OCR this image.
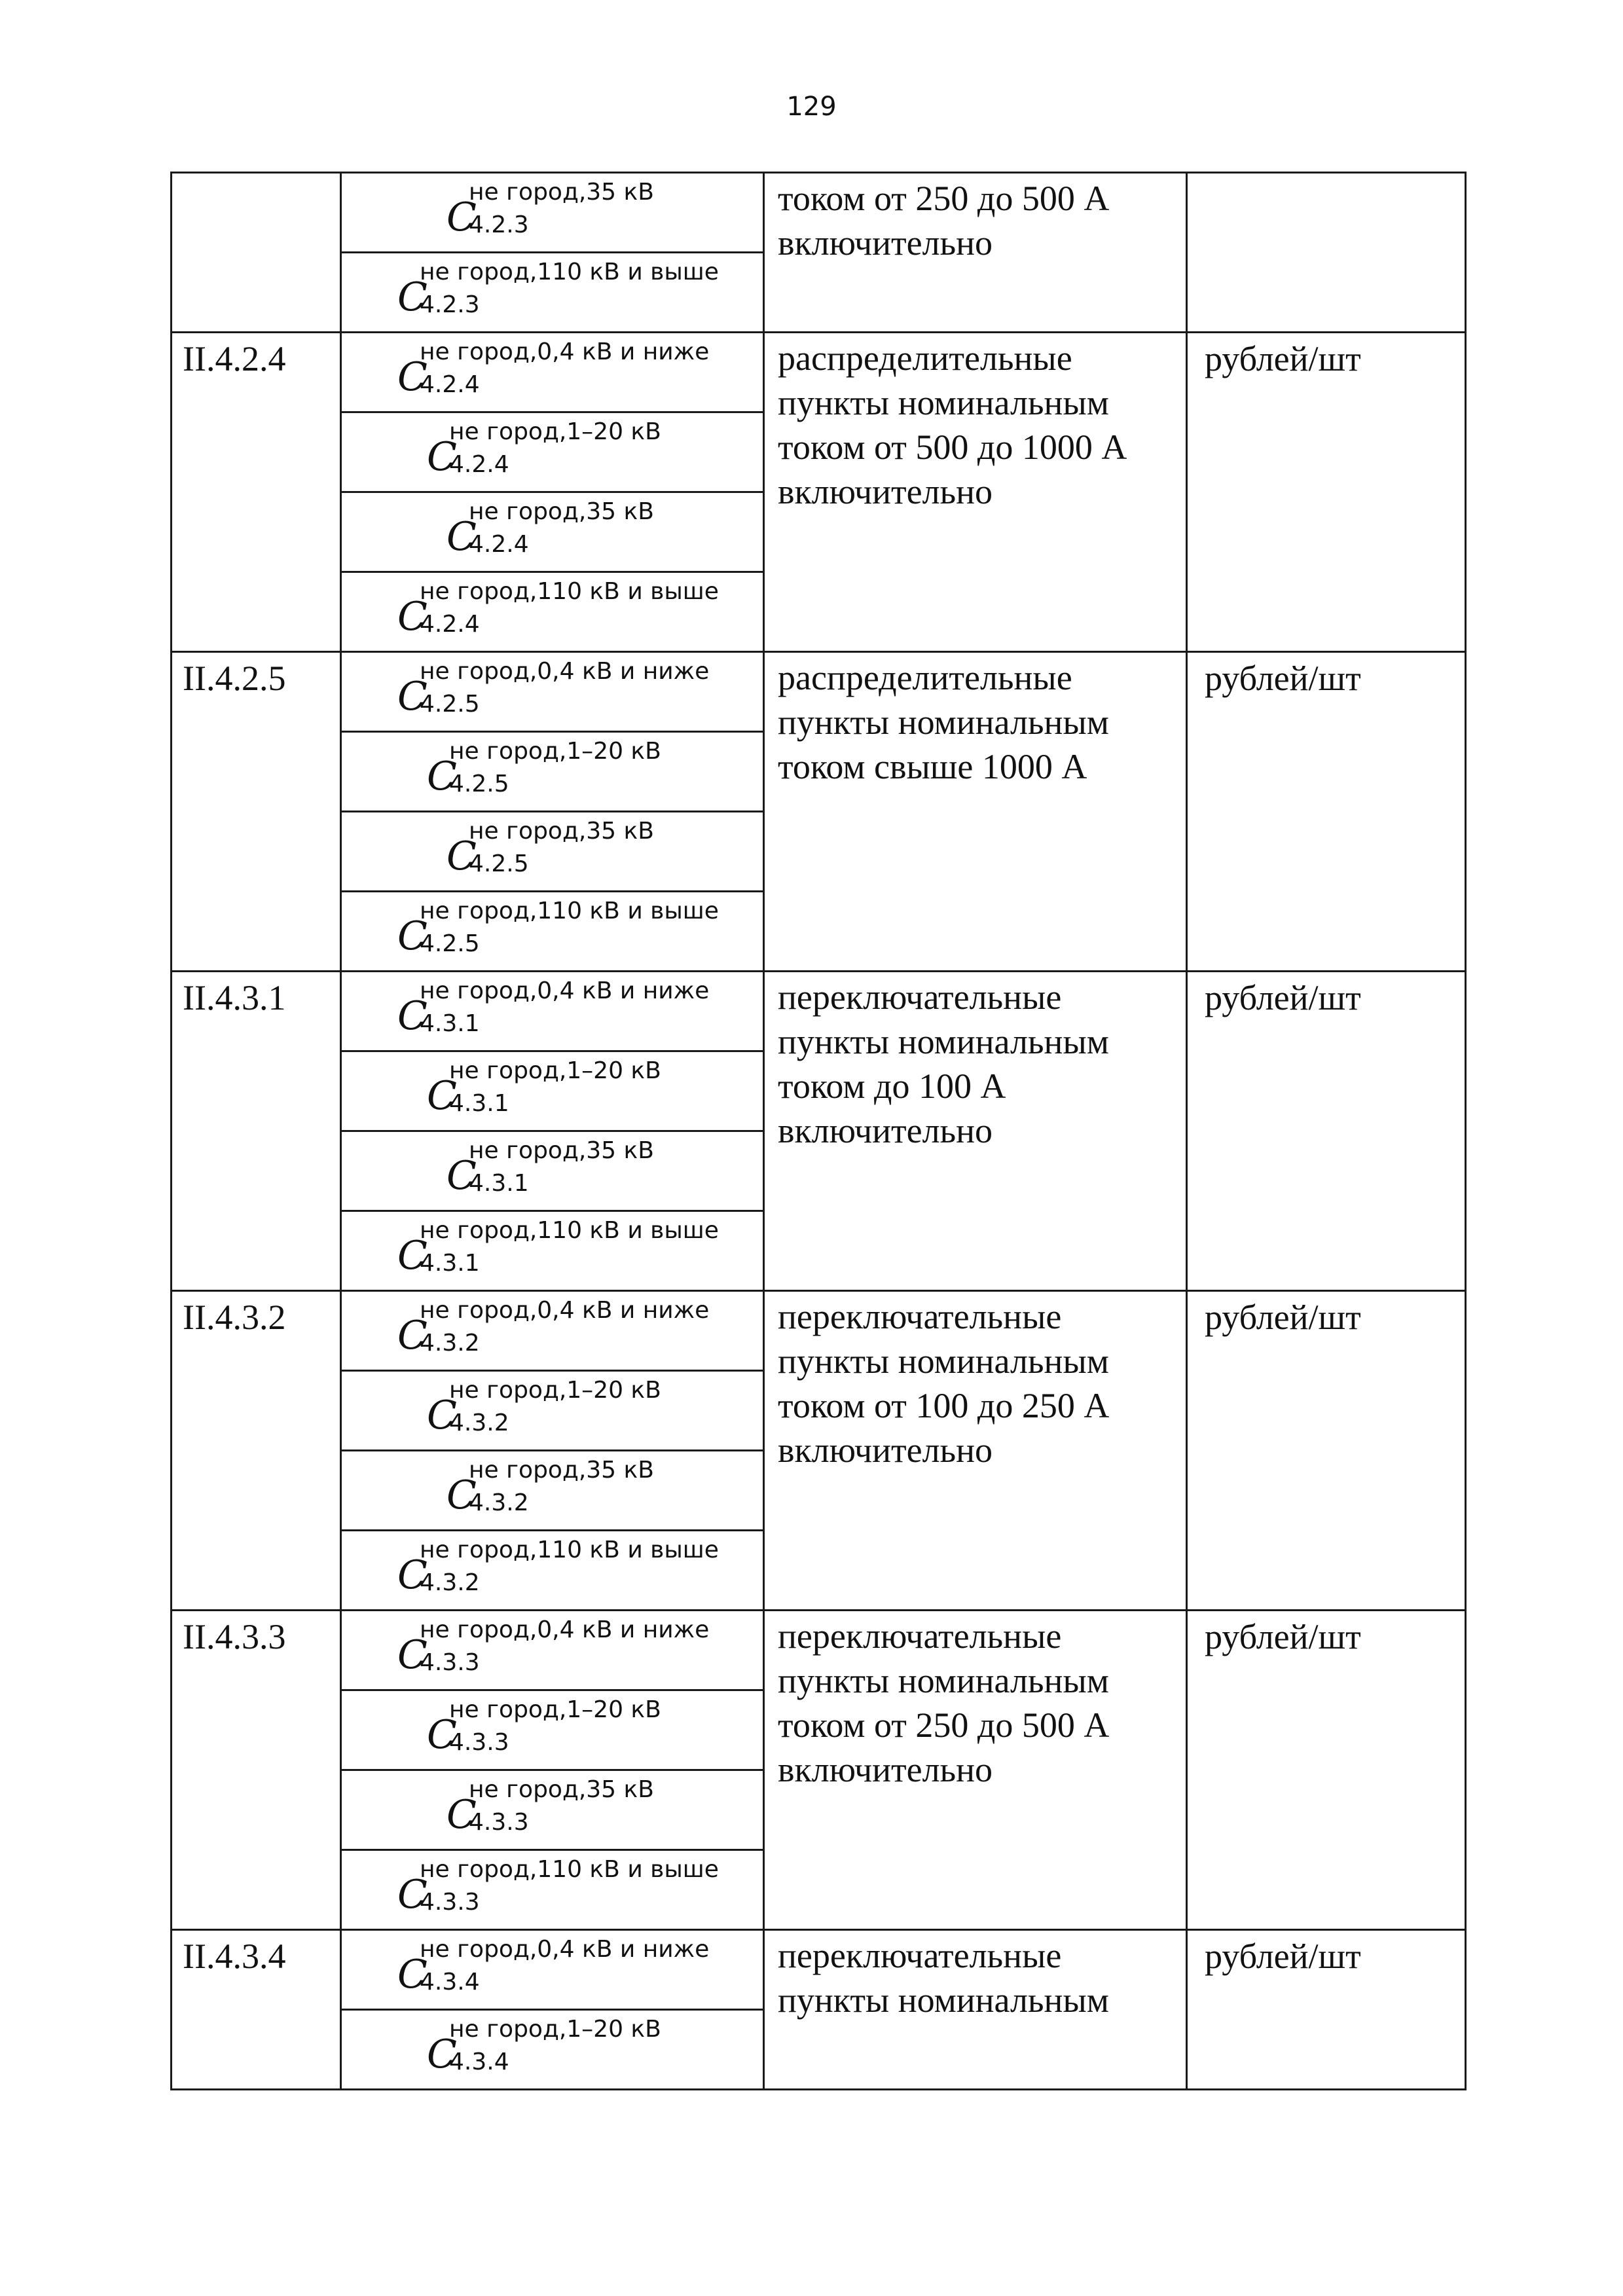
129

	C
не город,35 кВ
4.2.3	током от 250 до 500 А включительно	

	C
не город,110 кВ и выше
4.2.3		

II.4.2.4	C
не город,0,4 кВ и ниже
4.2.4	распределительные пункты номинальным током от 500 до 1000 А включительно	рублей/шт

	C
не город,1–20 кВ
4.2.4		

	C
не город,35 кВ
4.2.4		

	C
не город,110 кВ и выше
4.2.4		

II.4.2.5	C
не город,0,4 кВ и ниже
4.2.5	распределительные пункты номинальным током свыше 1000 А	рублей/шт

	C
не город,1–20 кВ
4.2.5		

	C
не город,35 кВ
4.2.5		

	C
не город,110 кВ и выше
4.2.5		

II.4.3.1	C
не город,0,4 кВ и ниже
4.3.1	переключательные пункты номинальным током до 100 А включительно	рублей/шт

	C
не город,1–20 кВ
4.3.1		

	C
не город,35 кВ
4.3.1		

	C
не город,110 кВ и выше
4.3.1		

II.4.3.2	C
не город,0,4 кВ и ниже
4.3.2	переключательные пункты номинальным током от 100 до 250 А включительно	рублей/шт

	C
не город,1–20 кВ
4.3.2		

	C
не город,35 кВ
4.3.2		

	C
не город,110 кВ и выше
4.3.2		

II.4.3.3	C
не город,0,4 кВ и ниже
4.3.3	переключательные пункты номинальным током от 250 до 500 А включительно	рублей/шт

	C
не город,1–20 кВ
4.3.3		

	C
не город,35 кВ
4.3.3		

	C
не город,110 кВ и выше
4.3.3		

II.4.3.4	C
не город,0,4 кВ и ниже
4.3.4	переключательные пункты номинальным	рублей/шт

	C
не город,1–20 кВ
4.3.4		
